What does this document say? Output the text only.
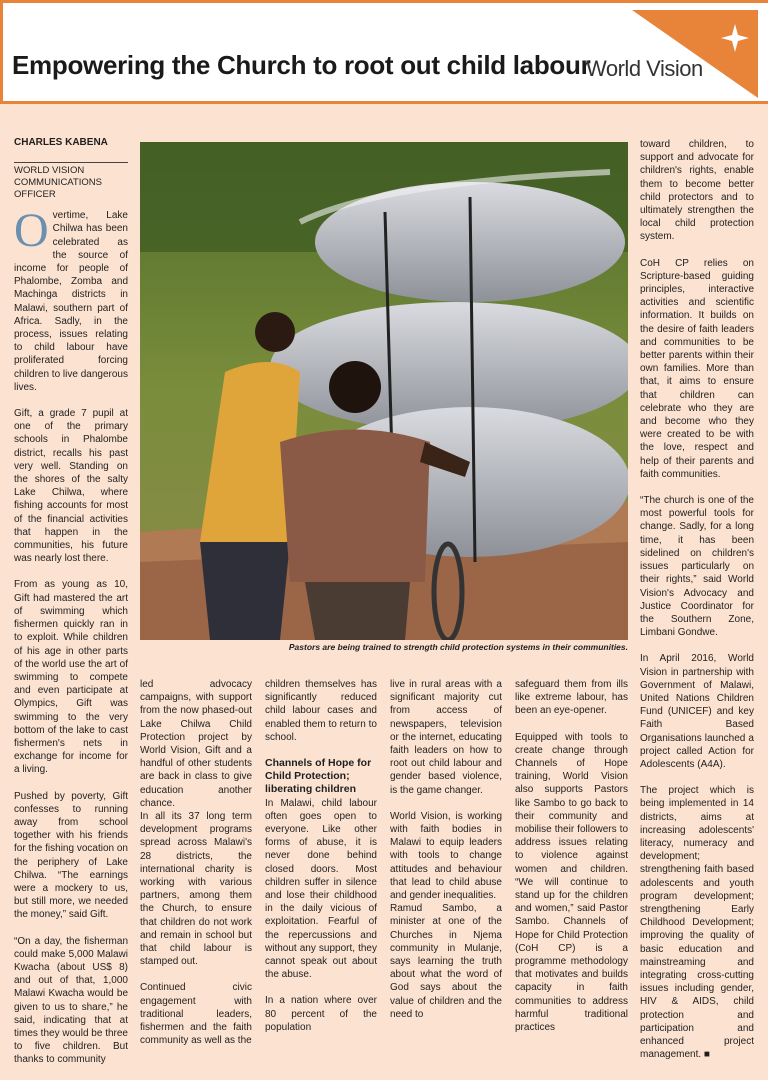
Empowering the Church to root out child labour
World Vision

CHARLES KABENA

WORLD VISION
COMMUNICATIONS OFFICER

Overtime, Lake Chilwa has been celebrated as the source of income for people of Phalombe, Zomba and Machinga districts in Malawi, southern part of Africa. Sadly, in the process, issues relating to child labour have proliferated forcing children to live dangerous lives.

Gift, a grade 7 pupil at one of the primary schools in Phalombe district, recalls his past very well. Standing on the shores of the salty Lake Chilwa, where fishing accounts for most of the financial activities that happen in the communities, his future was nearly lost there.

From as young as 10, Gift had mastered the art of swimming which fishermen quickly ran in to exploit. While children of his age in other parts of the world use the art of swimming to compete and even participate at Olympics, Gift was swimming to the very bottom of the lake to cast fishermen's nets in exchange for income for a living.

Pushed by poverty, Gift confesses to running away from school together with his friends for the fishing vocation on the periphery of Lake Chilwa. “The earnings were a mockery to us, but still more, we needed the money,” said Gift.

“On a day, the fisherman could make 5,000 Malawi Kwacha (about US$ 8) and out of that, 1,000 Malawi Kwacha would be given to us to share,” he said, indicating that at times they would be three to five children. But thanks to community

Pastors are being trained to strength child protection systems in their communities.

led advocacy campaigns, with support from the now phased-out Lake Chilwa Child Protection project by World Vision, Gift and a handful of other students are back in class to give education another chance.

In all its 37 long term development programs spread across Malawi's 28 districts, the international charity is working with various partners, among them the Church, to ensure that children do not work and remain in school but that child labour is stamped out.

Continued civic engagement with traditional leaders, fishermen and the faith community as well as the

children themselves has significantly reduced child labour cases and enabled them to return to school.

Channels of Hope for Child Protection; liberating children

In Malawi, child labour often goes open to everyone. Like other forms of abuse, it is never done behind closed doors. Most children suffer in silence and lose their childhood in the daily vicious of exploitation. Fearful of the repercussions and without any support, they cannot speak out about the abuse.

In a nation where over 80 percent of the population

live in rural areas with a significant majority cut from access of newspapers, television or the internet, educating faith leaders on how to root out child labour and gender based violence, is the game changer.

World Vision, is working with faith bodies in Malawi to equip leaders with tools to change attitudes and behaviour that lead to child abuse and gender inequalities.

Ramud Sambo, a minister at one of the Churches in Njema community in Mulanje, says learning the truth about what the word of God says about the value of children and the need to

safeguard them from ills like extreme labour, has been an eye-opener.

Equipped with tools to create change through Channels of Hope training, World Vision also supports Pastors like Sambo to go back to their community and mobilise their followers to address issues relating to violence against women and children. “We will continue to stand up for the children and women,” said Pastor Sambo. Channels of Hope for Child Protection (CoH CP) is a programme methodology that motivates and builds capacity in faith communities to address harmful traditional practices

toward children, to support and advocate for children's rights, enable them to become better child protectors and to ultimately strengthen the local child protection system.

CoH CP relies on Scripture-based guiding principles, interactive activities and scientific information. It builds on the desire of faith leaders and communities to be better parents within their own families. More than that, it aims to ensure that children can celebrate who they are and become who they were created to be with the love, respect and help of their parents and faith communities.

“The church is one of the most powerful tools for change. Sadly, for a long time, it has been sidelined on children's issues particularly on their rights,” said World Vision's Advocacy and Justice Coordinator for the Southern Zone, Limbani Gondwe.

In April 2016, World Vision in partnership with Government of Malawi, United Nations Children Fund (UNICEF) and key Faith Based Organisations launched a project called Action for Adolescents (A4A).

The project which is being implemented in 14 districts, aims at increasing adolescents' literacy, numeracy and development; strengthening faith based adolescents and youth program development; strengthening Early Childhood Development; improving the quality of basic education and mainstreaming and integrating cross-cutting issues including gender, HIV & AIDS, child protection and participation and enhanced project management. ■
